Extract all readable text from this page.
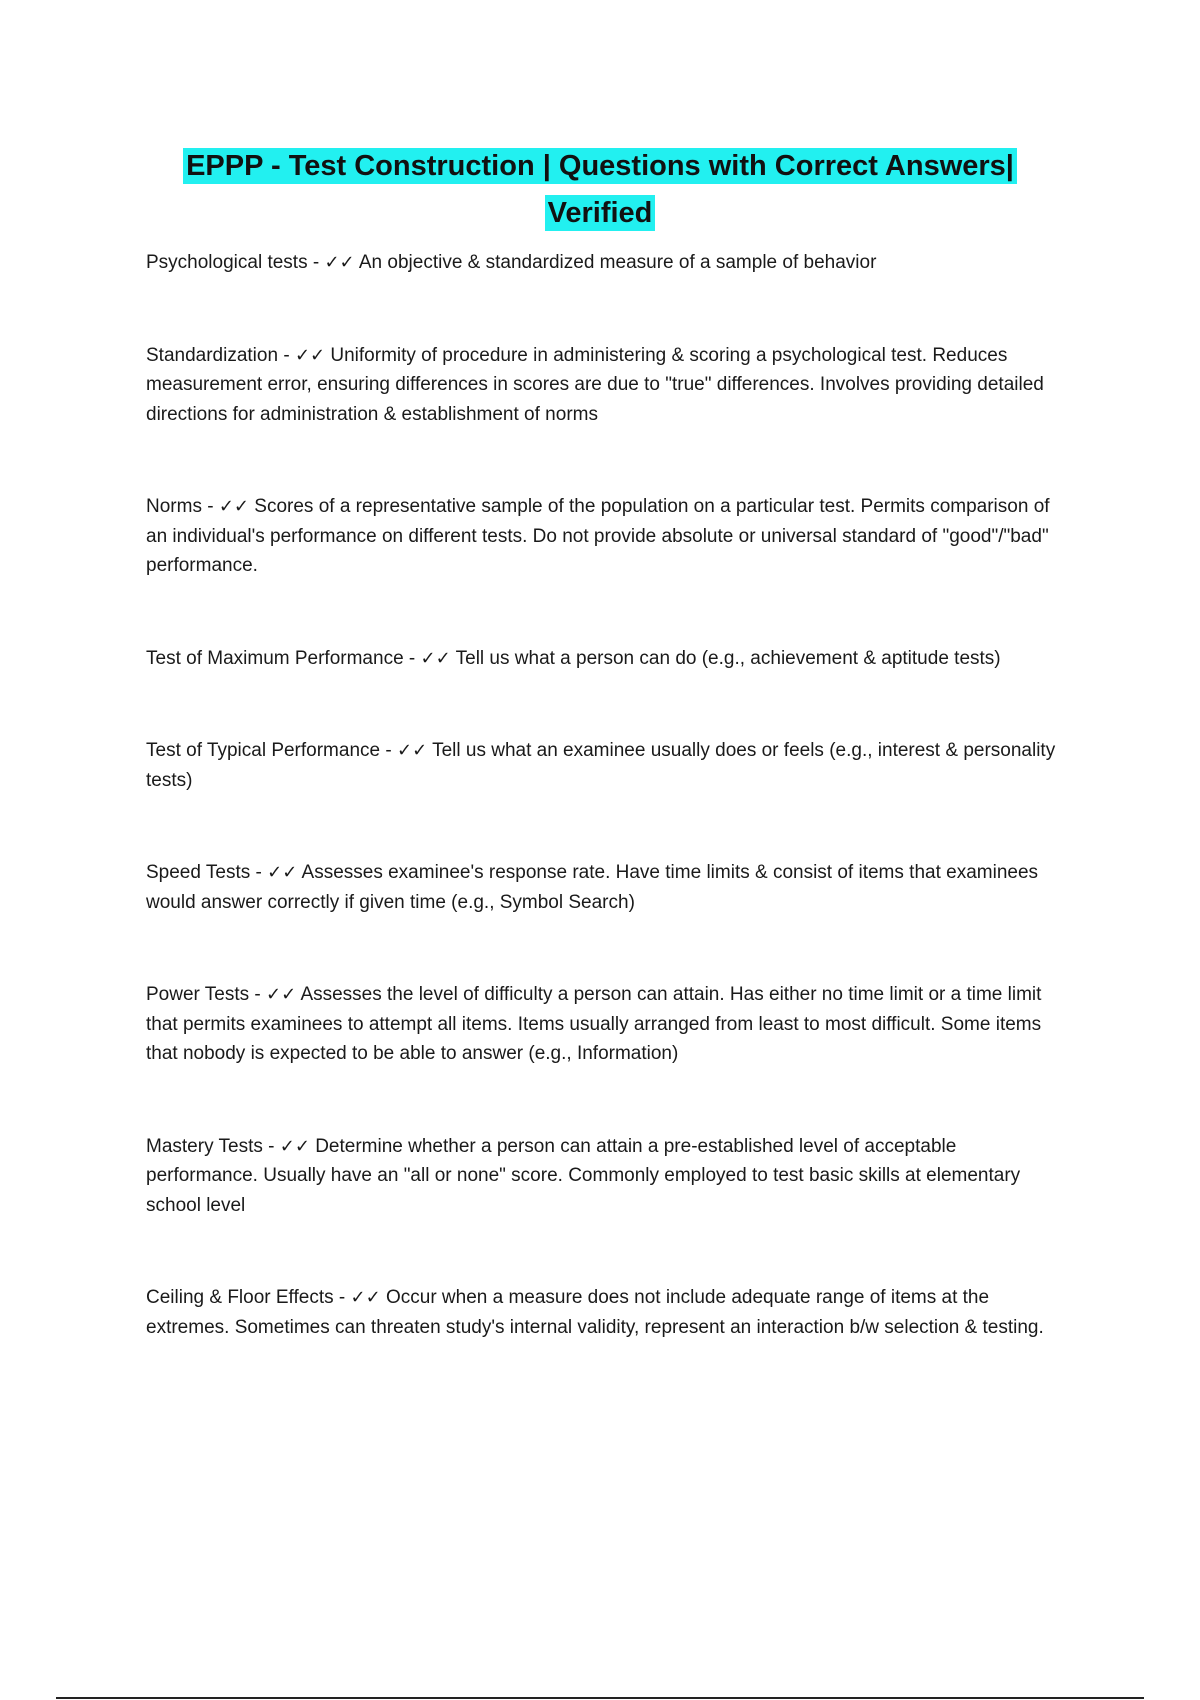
EPPP - Test Construction | Questions with Correct Answers|
Verified

Psychological tests - ✓✓ An objective & standardized measure of a sample of behavior

Standardization - ✓✓ Uniformity of procedure in administering & scoring a psychological test. Reduces measurement error, ensuring differences in scores are due to "true" differences. Involves providing detailed directions for administration & establishment of norms

Norms - ✓✓ Scores of a representative sample of the population on a particular test. Permits comparison of an individual's performance on different tests. Do not provide absolute or universal standard of "good"/"bad" performance.

Test of Maximum Performance - ✓✓ Tell us what a person can do (e.g., achievement & aptitude tests)

Test of Typical Performance - ✓✓ Tell us what an examinee usually does or feels (e.g., interest & personality tests)

Speed Tests - ✓✓ Assesses examinee's response rate. Have time limits & consist of items that examinees would answer correctly if given time (e.g., Symbol Search)

Power Tests - ✓✓ Assesses the level of difficulty a person can attain. Has either no time limit or a time limit that permits examinees to attempt all items. Items usually arranged from least to most difficult. Some items that nobody is expected to be able to answer (e.g., Information)

Mastery Tests - ✓✓ Determine whether a person can attain a pre-established level of acceptable performance. Usually have an "all or none" score. Commonly employed to test basic skills at elementary school level

Ceiling & Floor Effects - ✓✓ Occur when a measure does not include adequate range of items at the extremes. Sometimes can threaten study's internal validity, represent an interaction b/w selection & testing.
